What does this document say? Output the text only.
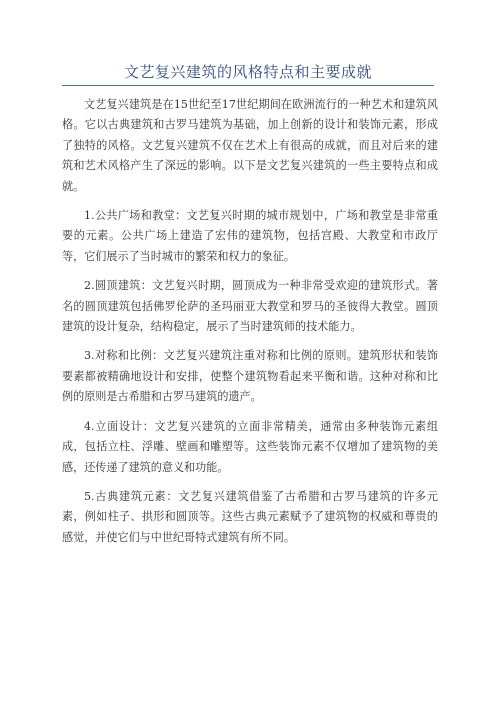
文艺复兴建筑的风格特点和主要成就

文艺复兴建筑是在15世纪至17世纪期间在欧洲流行的一种艺术和建筑风格。它以古典建筑和古罗马建筑为基础，加上创新的设计和装饰元素，形成了独特的风格。文艺复兴建筑不仅在艺术上有很高的成就，而且对后来的建筑和艺术风格产生了深远的影响。以下是文艺复兴建筑的一些主要特点和成就。

1.公共广场和教堂：文艺复兴时期的城市规划中，广场和教堂是非常重要的元素。公共广场上建造了宏伟的建筑物，包括宫殿、大教堂和市政厅等，它们展示了当时城市的繁荣和权力的象征。

2.圆顶建筑：文艺复兴时期，圆顶成为一种非常受欢迎的建筑形式。著名的圆顶建筑包括佛罗伦萨的圣玛丽亚大教堂和罗马的圣彼得大教堂。圆顶建筑的设计复杂，结构稳定，展示了当时建筑师的技术能力。

3.对称和比例：文艺复兴建筑注重对称和比例的原则。建筑形状和装饰要素都被精确地设计和安排，使整个建筑物看起来平衡和谐。这种对称和比例的原则是古希腊和古罗马建筑的遗产。

4.立面设计：文艺复兴建筑的立面非常精美，通常由多种装饰元素组成，包括立柱、浮雕、壁画和雕塑等。这些装饰元素不仅增加了建筑物的美感，还传递了建筑的意义和功能。

5.古典建筑元素：文艺复兴建筑借鉴了古希腊和古罗马建筑的许多元素，例如柱子、拱形和圆顶等。这些古典元素赋予了建筑物的权威和尊贵的感觉，并使它们与中世纪哥特式建筑有所不同。
